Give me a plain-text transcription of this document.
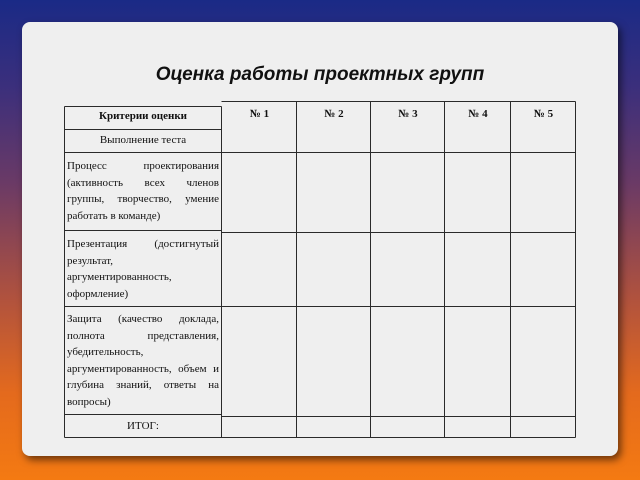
Оценка работы проектных групп
Критерии оценки	№ 1	№ 2	№ 3	№ 4	№ 5
Выполнение теста
Процесс проектирования (активность всех членов группы, творчество, умение работать в команде)
Презентация (достигнутый результат, аргументированность, оформление)
Защита (качество доклада, полнота представления, убедительность, аргументированность, объем и глубина знаний, ответы на вопросы)
ИТОГ:
